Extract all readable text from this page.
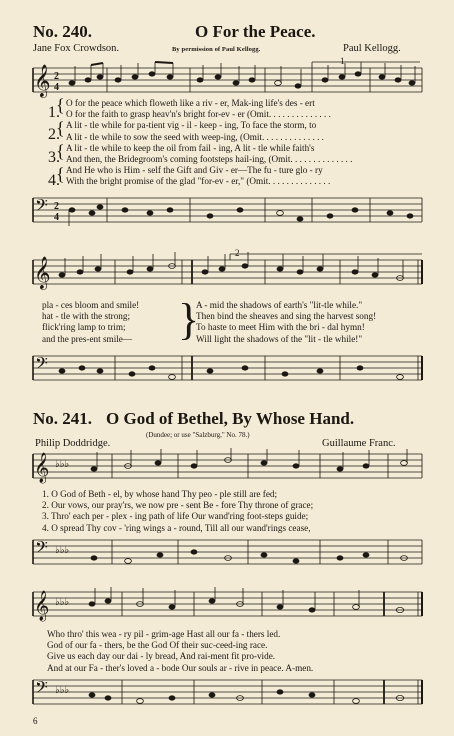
No. 240.	O For the Peace.
Jane Fox Crowdson.	By permission of Paul Kellogg.	Paul Kellogg.
1
𝄞 2
4
1.
2.
3.
4.
{
{
{
{
O for the peace which floweth like a riv - er, Mak-ing life's des - ert
O for the faith to grasp heav'n's bright for-ev - er (Omit. . . . . . . . . . . . . .
A lit - tle while for pa-tient vig - il - keep - ing, To face the storm, to
A lit - tle while to sow the seed with weep-ing, (Omit. . . . . . . . . . . . . .
A lit - tle while to keep the oil from fail - ing, A lit - tle while faith's
And then, the Bridegroom's coming footsteps hail-ing, (Omit. . . . . . . . . . . . . .
And He who is Him - self the Gift and Giv - er—The fu - ture glo - ry
With the bright promise of the glad "for-ev - er," (Omit. . . . . . . . . . . . . .
𝄢 2
4
2
𝄞
pla - ces bloom and smile!
hat - tle with the strong;
flick'ring lamp to trim;
and the pres-ent smile— }
A - mid the shadows of earth's "lit-tle while."
Then bind the sheaves and sing the harvest song!
To haste to meet Him with the bri - dal hymn!
Will light the shadows of the "lit - tle while!"
𝄢
No. 241. O God of Bethel, By Whose Hand.
(Dundee; or use "Salzburg," No. 78.)
Philip Doddridge.	Guillaume Franc.
𝄞 ♭♭♭
1. O God of Beth - el, by whose hand Thy peo - ple still are fed;
2. Our vows, our pray'rs, we now pre - sent Be - fore Thy throne of grace;
3. Thro' each per - plex - ing path of life Our wand'ring foot-steps guide;
4. O spread Thy cov - 'ring wings a - round, Till all our wand'rings cease,
𝄢 ♭♭♭
𝄞 ♭♭♭
Who thro' this wea - ry pil - grim-age Hast all our fa - thers led.
God of our fa - thers, be the God Of their suc-ceed-ing race.
Give us each day our dai - ly bread, And rai-ment fit pro-vide.
And at our Fa - ther's loved a - bode Our souls ar - rive in peace. A-men.
𝄢 ♭♭♭
6
